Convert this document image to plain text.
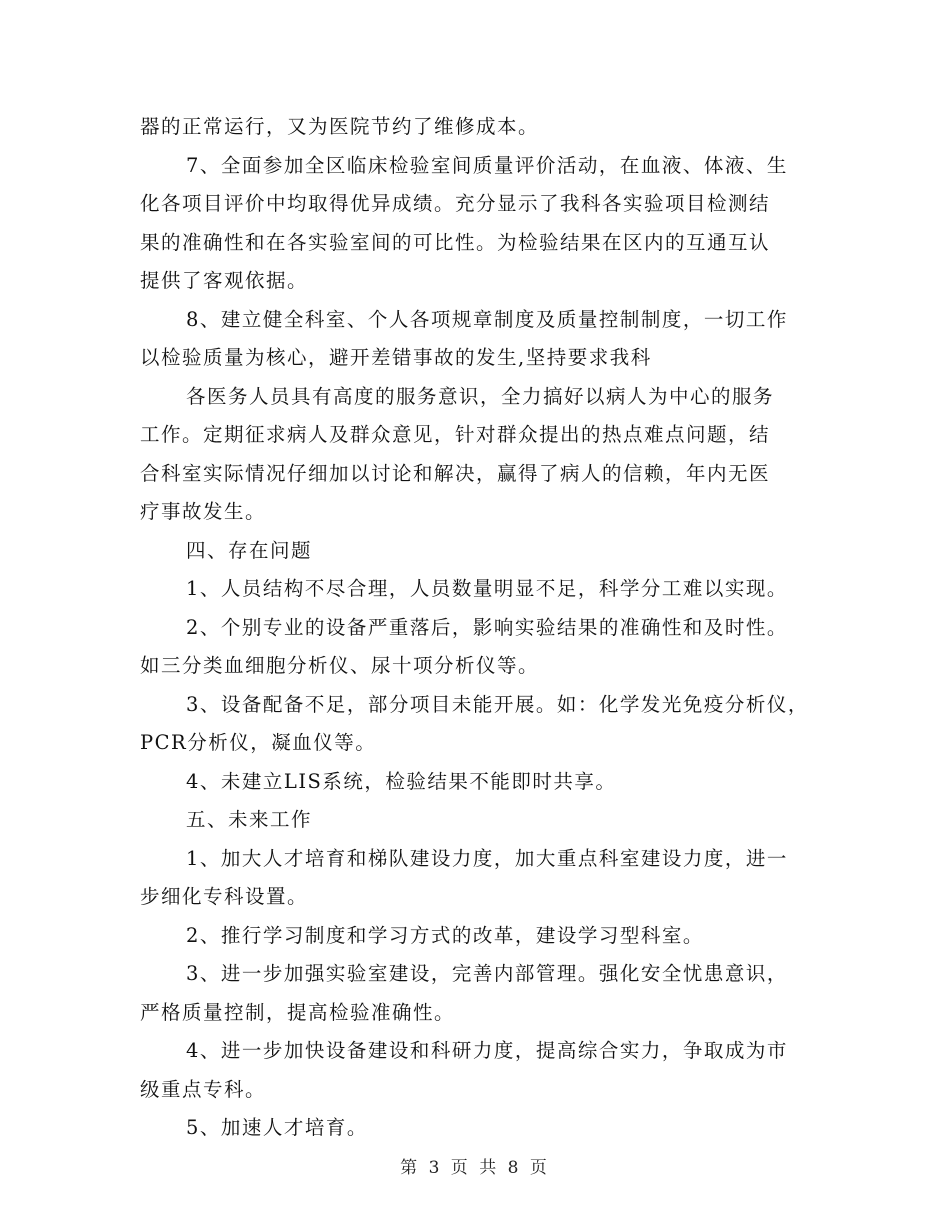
器的正常运行，又为医院节约了维修成本。
7、全面参加全区临床检验室间质量评价活动，在血液、体液、生
化各项目评价中均取得优异成绩。充分显示了我科各实验项目检测结
果的准确性和在各实验室间的可比性。为检验结果在区内的互通互认
提供了客观依据。
8、建立健全科室、个人各项规章制度及质量控制制度，一切工作
以检验质量为核心，避开差错事故的发生,坚持要求我科
各医务人员具有高度的服务意识，全力搞好以病人为中心的服务
工作。定期征求病人及群众意见，针对群众提出的热点难点问题，结
合科室实际情况仔细加以讨论和解决，赢得了病人的信赖，年内无医
疗事故发生。
四、存在问题
1、人员结构不尽合理，人员数量明显不足，科学分工难以实现。
2、个别专业的设备严重落后，影响实验结果的准确性和及时性。
如三分类血细胞分析仪、尿十项分析仪等。
3、设备配备不足，部分项目未能开展。如：化学发光免疫分析仪，
PCR分析仪，凝血仪等。
4、未建立LIS系统，检验结果不能即时共享。
五、未来工作
1、加大人才培育和梯队建设力度，加大重点科室建设力度，进一
步细化专科设置。
2、推行学习制度和学习方式的改革，建设学习型科室。
3、进一步加强实验室建设，完善内部管理。强化安全忧患意识，
严格质量控制，提高检验准确性。
4、进一步加快设备建设和科研力度，提高综合实力，争取成为市
级重点专科。
5、加速人才培育。
第 3 页 共 8 页
